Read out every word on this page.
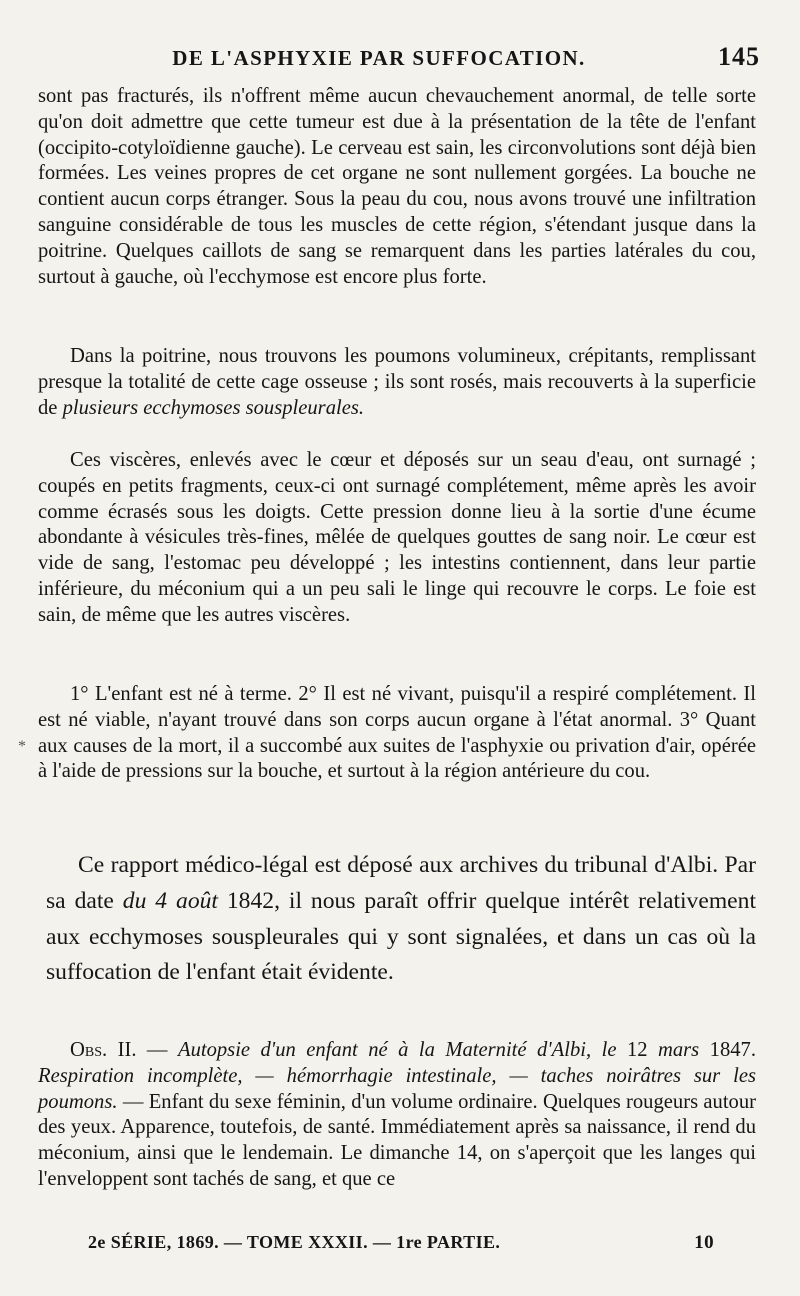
DE L'ASPHYXIE PAR SUFFOCATION.	145
*

sont pas fracturés, ils n'offrent même aucun chevauchement anormal, de telle sorte qu'on doit admettre que cette tumeur est due à la présentation de la tête de l'enfant (occipito-cotyloïdienne gauche). Le cerveau est sain, les circonvolutions sont déjà bien formées. Les veines propres de cet organe ne sont nullement gorgées. La bouche ne contient aucun corps étranger. Sous la peau du cou, nous avons trouvé une infiltration sanguine considérable de tous les muscles de cette région, s'étendant jusque dans la poitrine. Quelques caillots de sang se remarquent dans les parties latérales du cou, surtout à gauche, où l'ecchymose est encore plus forte.

Dans la poitrine, nous trouvons les poumons volumineux, crépitants, remplissant presque la totalité de cette cage osseuse ; ils sont rosés, mais recouverts à la superficie de plusieurs ecchymoses souspleurales.

Ces viscères, enlevés avec le cœur et déposés sur un seau d'eau, ont surnagé ; coupés en petits fragments, ceux-ci ont surnagé complétement, même après les avoir comme écrasés sous les doigts. Cette pression donne lieu à la sortie d'une écume abondante à vésicules très-fines, mêlée de quelques gouttes de sang noir. Le cœur est vide de sang, l'estomac peu développé ; les intestins contiennent, dans leur partie inférieure, du méconium qui a un peu sali le linge qui recouvre le corps. Le foie est sain, de même que les autres viscères.

1° L'enfant est né à terme. 2° Il est né vivant, puisqu'il a respiré complétement. Il est né viable, n'ayant trouvé dans son corps aucun organe à l'état anormal. 3° Quant aux causes de la mort, il a succombé aux suites de l'asphyxie ou privation d'air, opérée à l'aide de pressions sur la bouche, et surtout à la région antérieure du cou.

Ce rapport médico-légal est déposé aux archives du tribunal d'Albi. Par sa date du 4 août 1842, il nous paraît offrir quelque intérêt relativement aux ecchymoses souspleurales qui y sont signalées, et dans un cas où la suffocation de l'enfant était évidente.

Obs. II. — Autopsie d'un enfant né à la Maternité d'Albi, le 12 mars 1847. Respiration incomplète, — hémorrhagie intestinale, — taches noirâtres sur les poumons. — Enfant du sexe féminin, d'un volume ordinaire. Quelques rougeurs autour des yeux. Apparence, toutefois, de santé. Immédiatement après sa naissance, il rend du méconium, ainsi que le lendemain. Le dimanche 14, on s'aperçoit que les langes qui l'enveloppent sont tachés de sang, et que ce

2e SÉRIE, 1869. — TOME XXXII. — 1re PARTIE.	10
